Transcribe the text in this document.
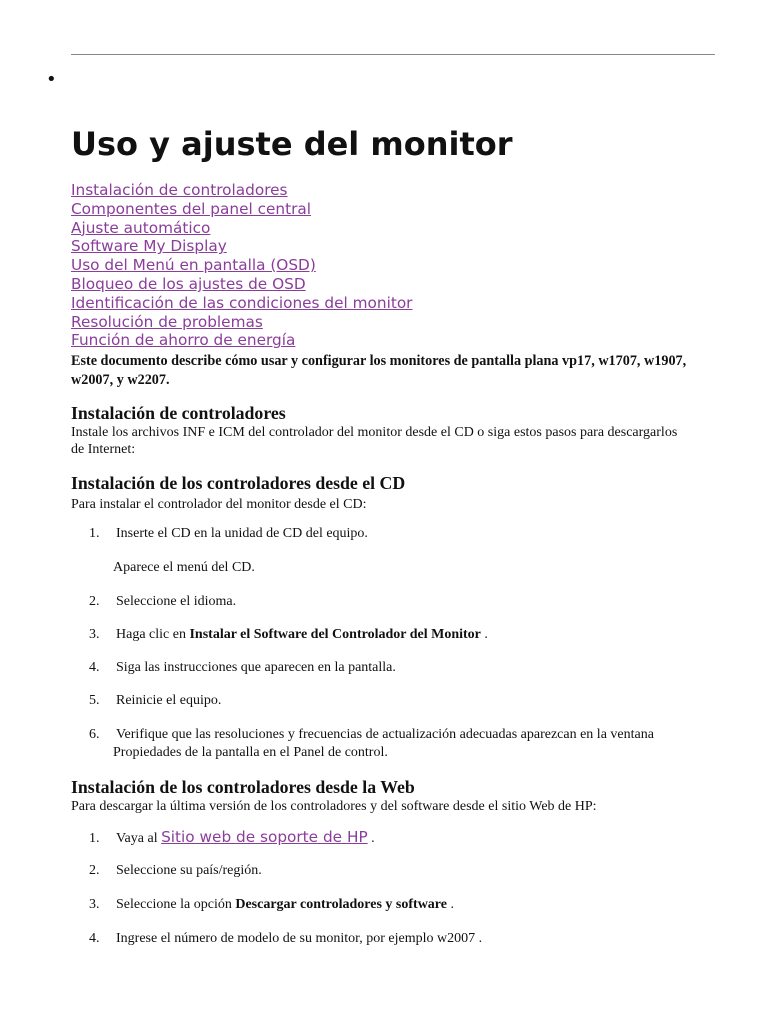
•
Uso y ajuste del monitor
Instalación de controladores
Componentes del panel central
Ajuste automático
Software My Display
Uso del Menú en pantalla (OSD)
Bloqueo de los ajustes de OSD
Identificación de las condiciones del monitor
Resolución de problemas
Función de ahorro de energía

Este documento describe cómo usar y configurar los monitores de pantalla plana vp17, w1707, w1907, w2007, y w2207.

Instalación de controladores

Instale los archivos INF e ICM del controlador del monitor desde el CD o siga estos pasos para descargarlos de Internet:

Instalación de los controladores desde el CD

Para instalar el controlador del monitor desde el CD:

1. Inserte el CD en la unidad de CD del equipo.

Aparece el menú del CD.

2. Seleccione el idioma.
3. Haga clic en Instalar el Software del Controlador del Monitor .
4. Siga las instrucciones que aparecen en la pantalla.
5. Reinicie el equipo.
6. Verifique que las resoluciones y frecuencias de actualización adecuadas aparezcan en la ventana
Propiedades de la pantalla en el Panel de control.
Instalación de los controladores desde la Web

Para descargar la última versión de los controladores y del software desde el sitio Web de HP:

1. Vaya al Sitio web de soporte de HP .
2. Seleccione su país/región.
3. Seleccione la opción Descargar controladores y software .
4. Ingrese el número de modelo de su monitor, por ejemplo w2007 .
